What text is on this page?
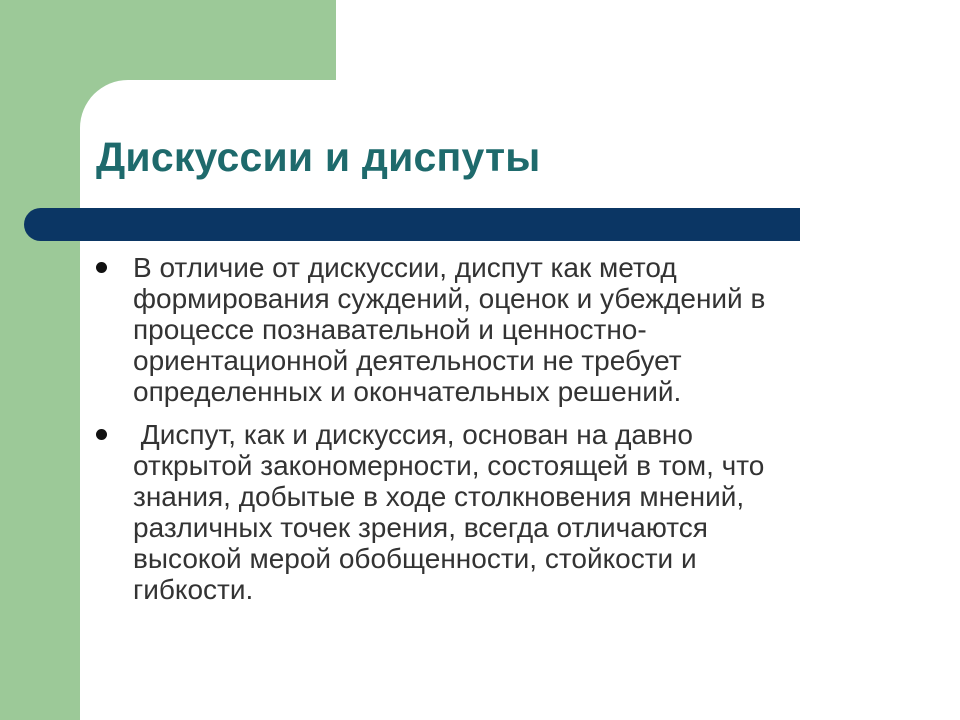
Дискуссии и диспуты
В отличие от дискуссии, диспут как метод
формирования суждений, оценок и убеждений в
процессе познавательной и ценностно-
ориентационной деятельности не требует
определенных и окончательных решений.
Диспут, как и дискуссия, основан на давно
открытой закономерности, состоящей в том, что
знания, добытые в ходе столкновения мнений,
различных точек зрения, всегда отличаются
высокой мерой обобщенности, стойкости и
гибкости.
